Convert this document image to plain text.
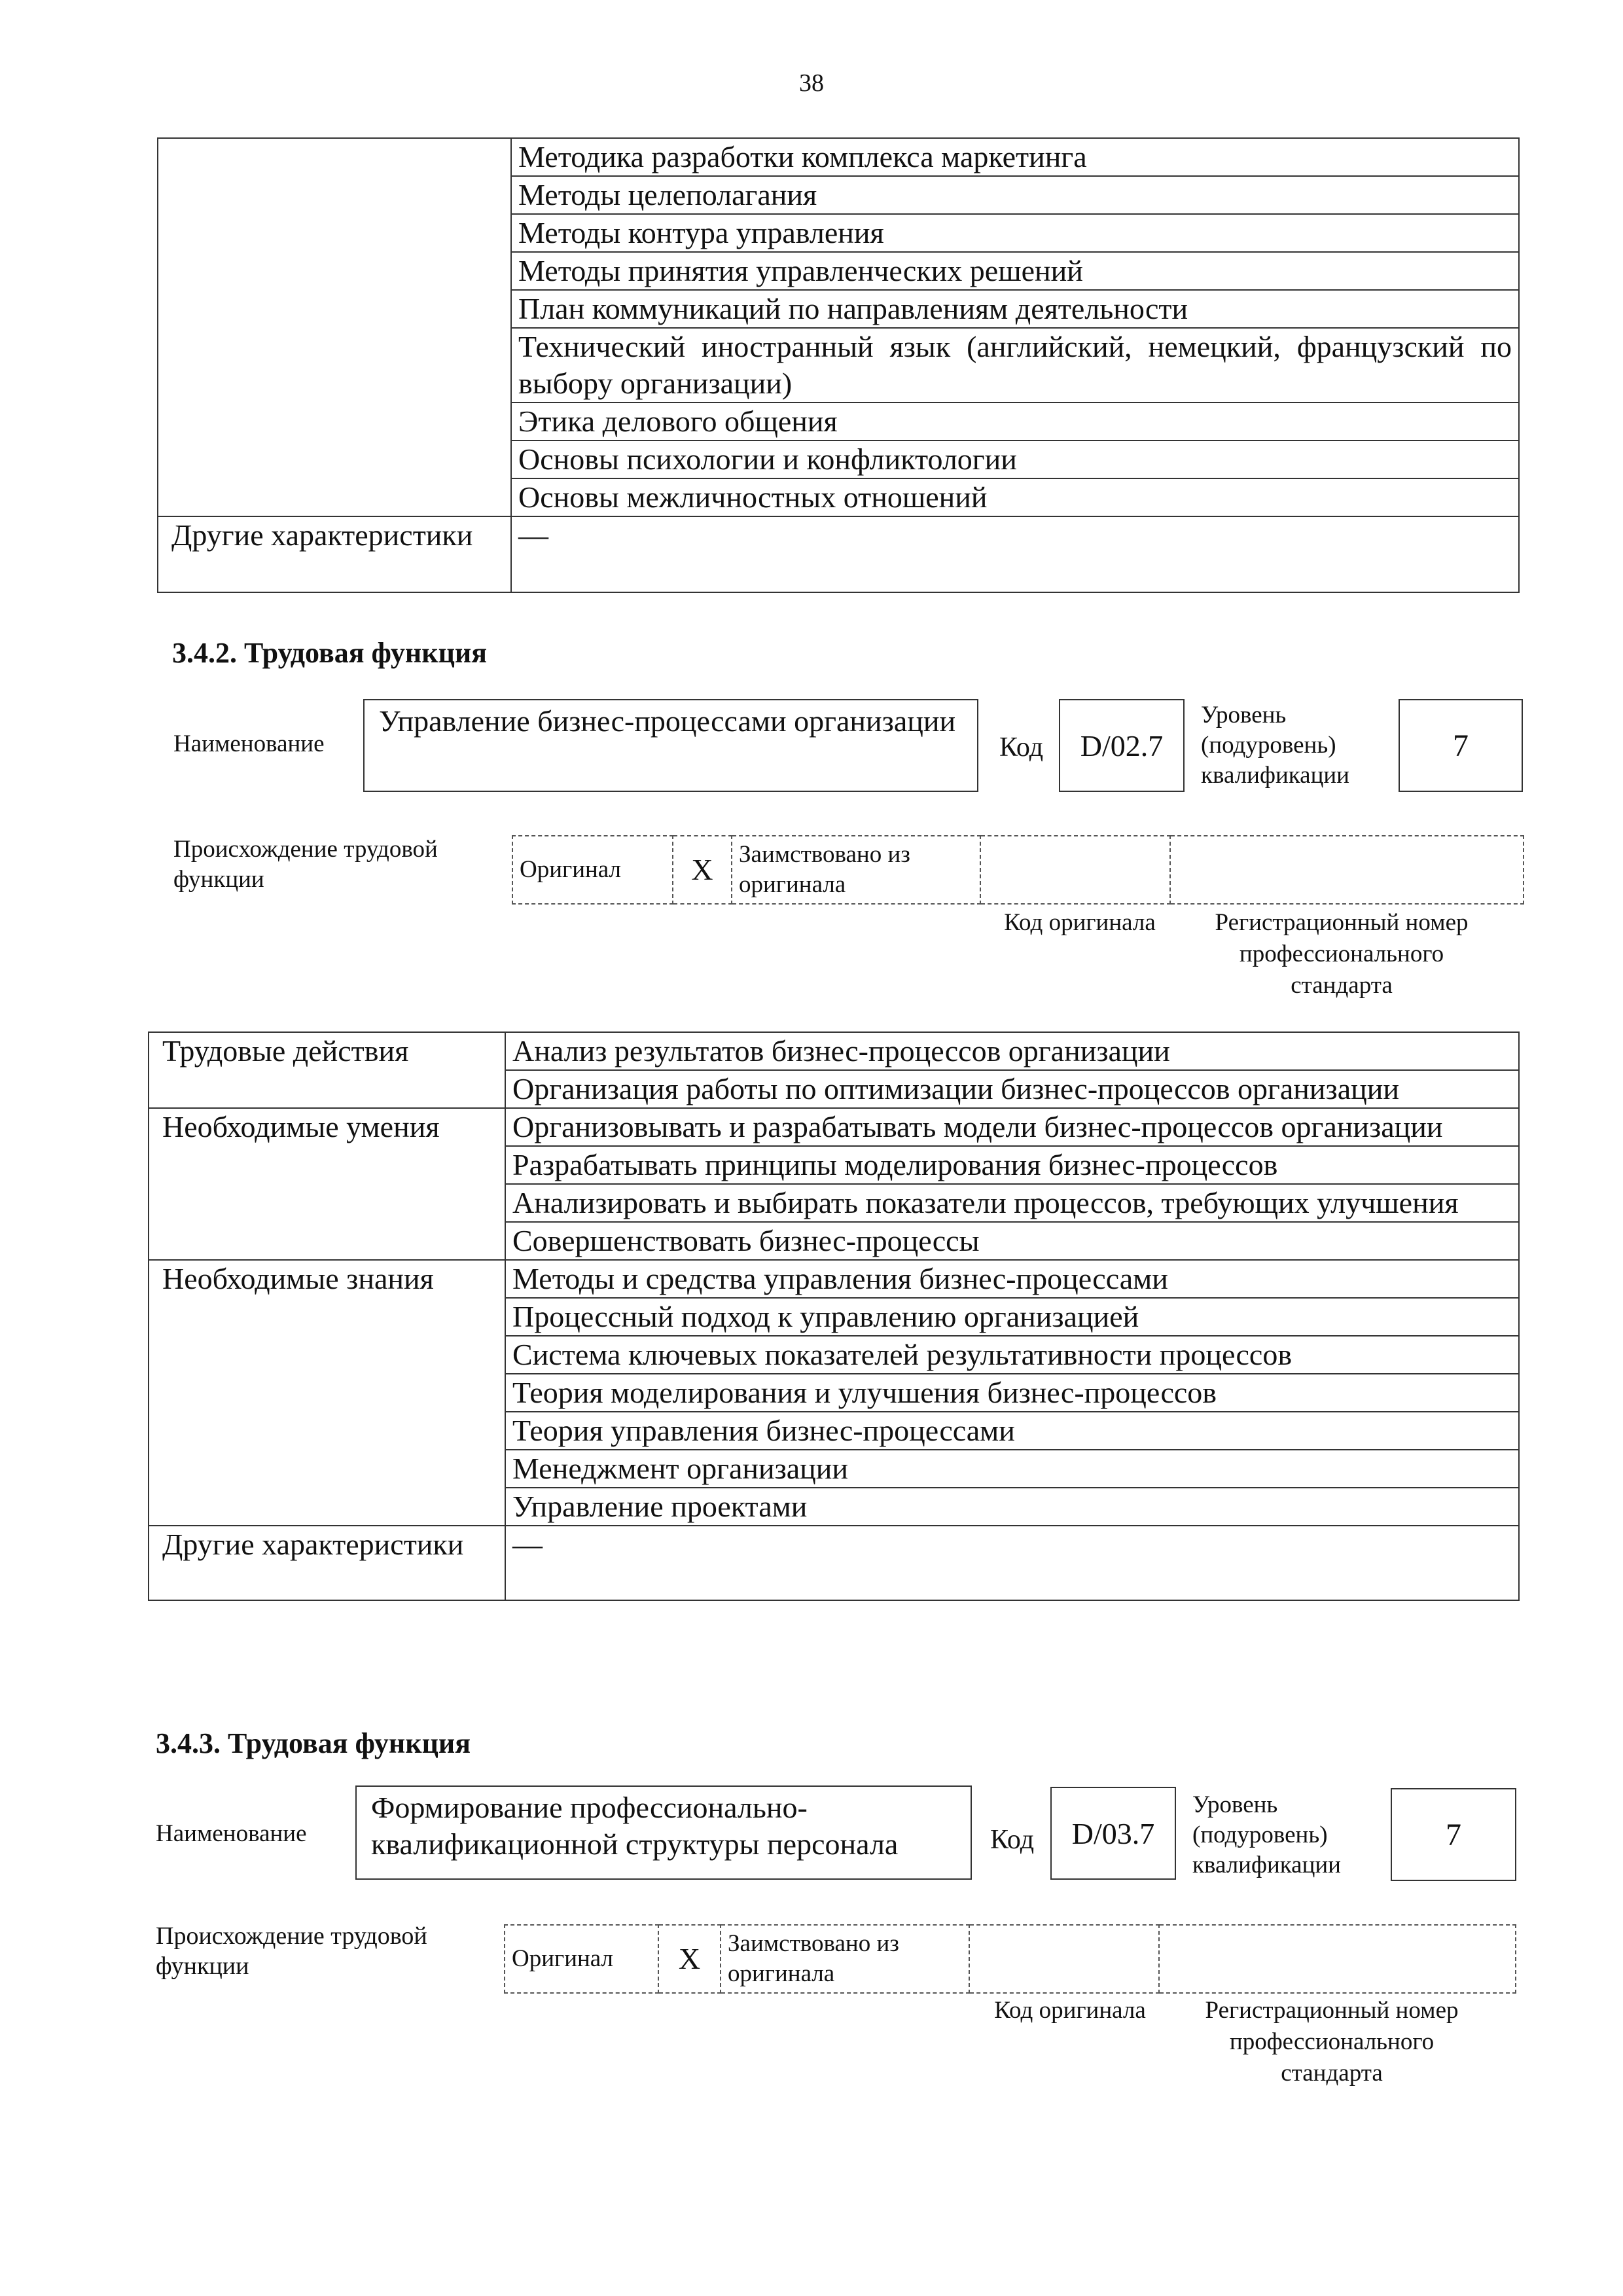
38
	Методика разработки комплекса маркетинга
	Методы целеполагания
	Методы контура управления
	Методы принятия управленческих решений
	План коммуникаций по направлениям деятельности
	Технический иностранный язык (английский, немецкий, французский по выбору организации)
	Этика делового общения
	Основы психологии и конфликтологии
	Основы межличностных отношений
Другие характеристики	—
3.4.2. Трудовая функция
Наименование
Управление бизнес-процессами организации
Код	D/02.7
Уровень (подуровень) квалификации
7
Происхождение трудовой функции	Оригинал	X	Заимствовано из оригинала		
Код оригинала	Регистрационный номер профессионального стандарта
Трудовые действия	Анализ результатов бизнес-процессов организации
	Организация работы по оптимизации бизнес-процессов организации
Необходимые умения	Организовывать и разрабатывать модели бизнес-процессов организации
	Разрабатывать принципы моделирования бизнес-процессов
	Анализировать и выбирать показатели процессов, требующих улучшения
	Совершенствовать бизнес-процессы
Необходимые знания	Методы и средства управления бизнес-процессами
	Процессный подход к управлению организацией
	Система ключевых показателей результативности процессов
	Теория моделирования и улучшения бизнес-процессов
	Теория управления бизнес-процессами
	Менеджмент организации
	Управление проектами
Другие характеристики	—
3.4.3. Трудовая функция
Наименование
Формирование профессионально-квалификационной структуры персонала	Код	D/03.7
Уровень (подуровень) квалификации
7
Происхождение трудовой функции	Оригинал	X	Заимствовано из оригинала		
Код оригинала	Регистрационный номер профессионального стандарта
